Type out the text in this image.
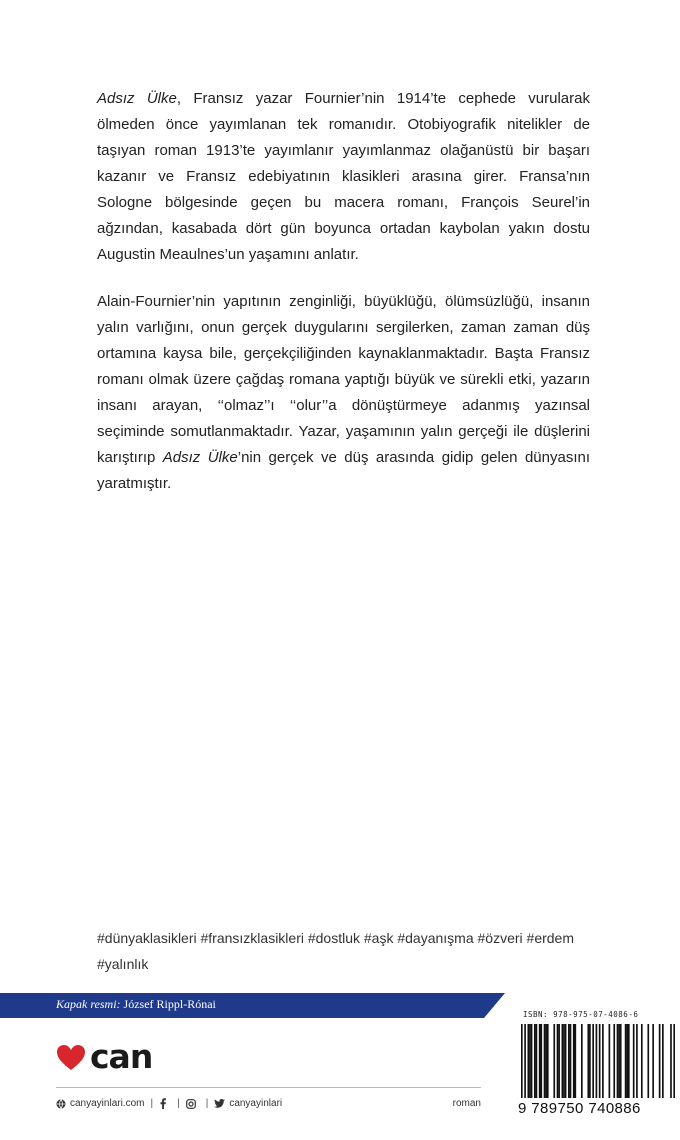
Adsız Ülke, Fransız yazar Fournier’nin 1914’te cephede vurularak ölmeden önce yayımlanan tek romanıdır. Otobiyografik nitelikler de taşıyan roman 1913’te yayımlanır yayımlanmaz olağanüstü bir başarı kazanır ve Fransız edebiyatının klasikleri arasına girer. Fransa’nın Sologne bölgesinde geçen bu macera romanı, François Seurel’in ağzından, kasabada dört gün boyunca ortadan kaybolan yakın dostu Augustin Meaulnes’un yaşamını anlatır.

Alain-Fournier’nin yapıtının zenginliği, büyüklüğü, ölümsüzlüğü, insanın yalın varlığını, onun gerçek duygularını sergilerken, zaman zaman düş ortamına kaysa bile, gerçekçiliğinden kaynaklanmaktadır. Başta Fransız romanı olmak üzere çağdaş romana yaptığı büyük ve sürekli etki, yazarın insanı arayan, ‘‘olmaz’’ı ‘‘olur’’a dönüştürmeye adanmış yazınsal seçiminde somutlanmaktadır. Yazar, yaşamının yalın gerçeği ile düşlerini karıştırıp Adsız Ülke’nin gerçek ve düş arasında gidip gelen dünyasını yaratmıştır.

#dünyaklasikleri #fransızklasikleri #dostluk #aşk #dayanışma #özveri #erdem #yalınlık
Kapak resmi: József Rippl-Rónai
can
canyayinlari.com | |	| canyayinlari	roman
ISBN: 978-975-07-4086-6
9 789750 740886
